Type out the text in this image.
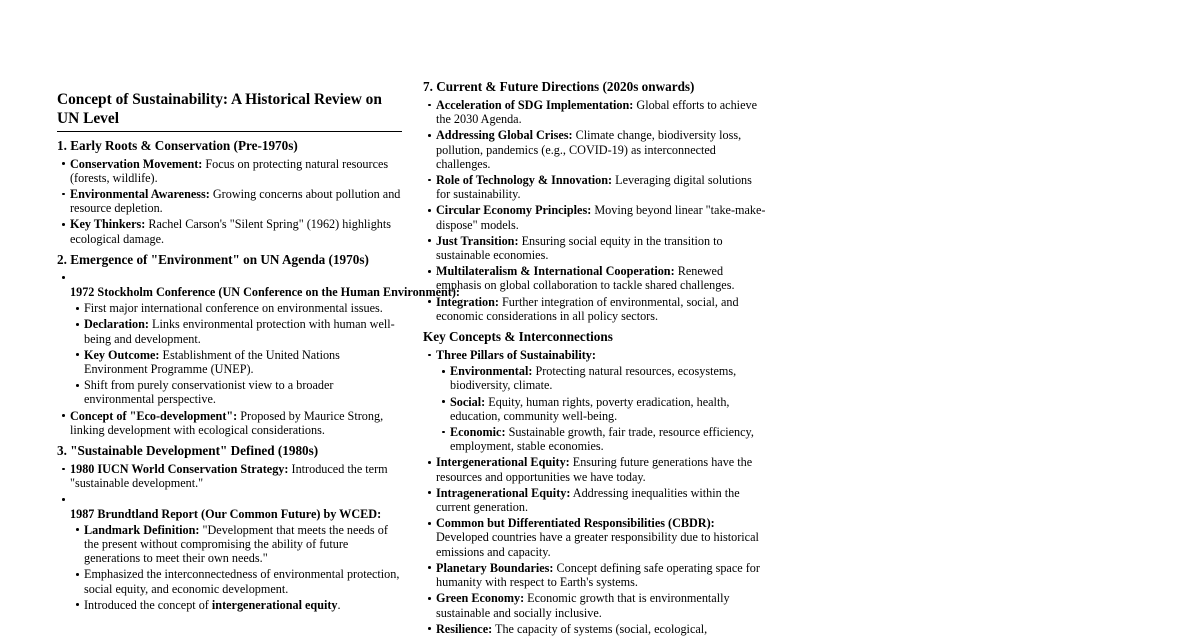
Concept of Sustainability: A Historical Review on UN Level
1. Early Roots & Conservation (Pre-1970s)
Conservation Movement: Focus on protecting natural resources (forests, wildlife).
Environmental Awareness: Growing concerns about pollution and resource depletion.
Key Thinkers: Rachel Carson's "Silent Spring" (1962) highlights ecological damage.
2. Emergence of "Environment" on UN Agenda (1970s)
1972 Stockholm Conference (UN Conference on the Human Environment):
First major international conference on environmental issues.
Declaration: Links environmental protection with human well-being and development.
Key Outcome: Establishment of the United Nations Environment Programme (UNEP).
Shift from purely conservationist view to a broader environmental perspective.
Concept of "Eco-development": Proposed by Maurice Strong, linking development with ecological considerations.
3. "Sustainable Development" Defined (1980s)
1980 IUCN World Conservation Strategy: Introduced the term "sustainable development."
1987 Brundtland Report (Our Common Future) by WCED:
Landmark Definition: "Development that meets the needs of the present without compromising the ability of future generations to meet their own needs."
Emphasized the interconnectedness of environmental protection, social equity, and economic development.
Introduced the concept of intergenerational equity.
7. Current & Future Directions (2020s onwards)
Acceleration of SDG Implementation: Global efforts to achieve the 2030 Agenda.
Addressing Global Crises: Climate change, biodiversity loss, pollution, pandemics (e.g., COVID-19) as interconnected challenges.
Role of Technology & Innovation: Leveraging digital solutions for sustainability.
Circular Economy Principles: Moving beyond linear "take-make-dispose" models.
Just Transition: Ensuring social equity in the transition to sustainable economies.
Multilateralism & International Cooperation: Renewed emphasis on global collaboration to tackle shared challenges.
Integration: Further integration of environmental, social, and economic considerations in all policy sectors.
Key Concepts & Interconnections
Three Pillars of Sustainability:
Environmental: Protecting natural resources, ecosystems, biodiversity, climate.
Social: Equity, human rights, poverty eradication, health, education, community well-being.
Economic: Sustainable growth, fair trade, resource efficiency, employment, stable economies.
Intergenerational Equity: Ensuring future generations have the resources and opportunities we have today.
Intragenerational Equity: Addressing inequalities within the current generation.
Common but Differentiated Responsibilities (CBDR): Developed countries have a greater responsibility due to historical emissions and capacity.
Planetary Boundaries: Concept defining safe operating space for humanity with respect to Earth's systems.
Green Economy: Economic growth that is environmentally sustainable and socially inclusive.
Resilience: The capacity of systems (social, ecological,
